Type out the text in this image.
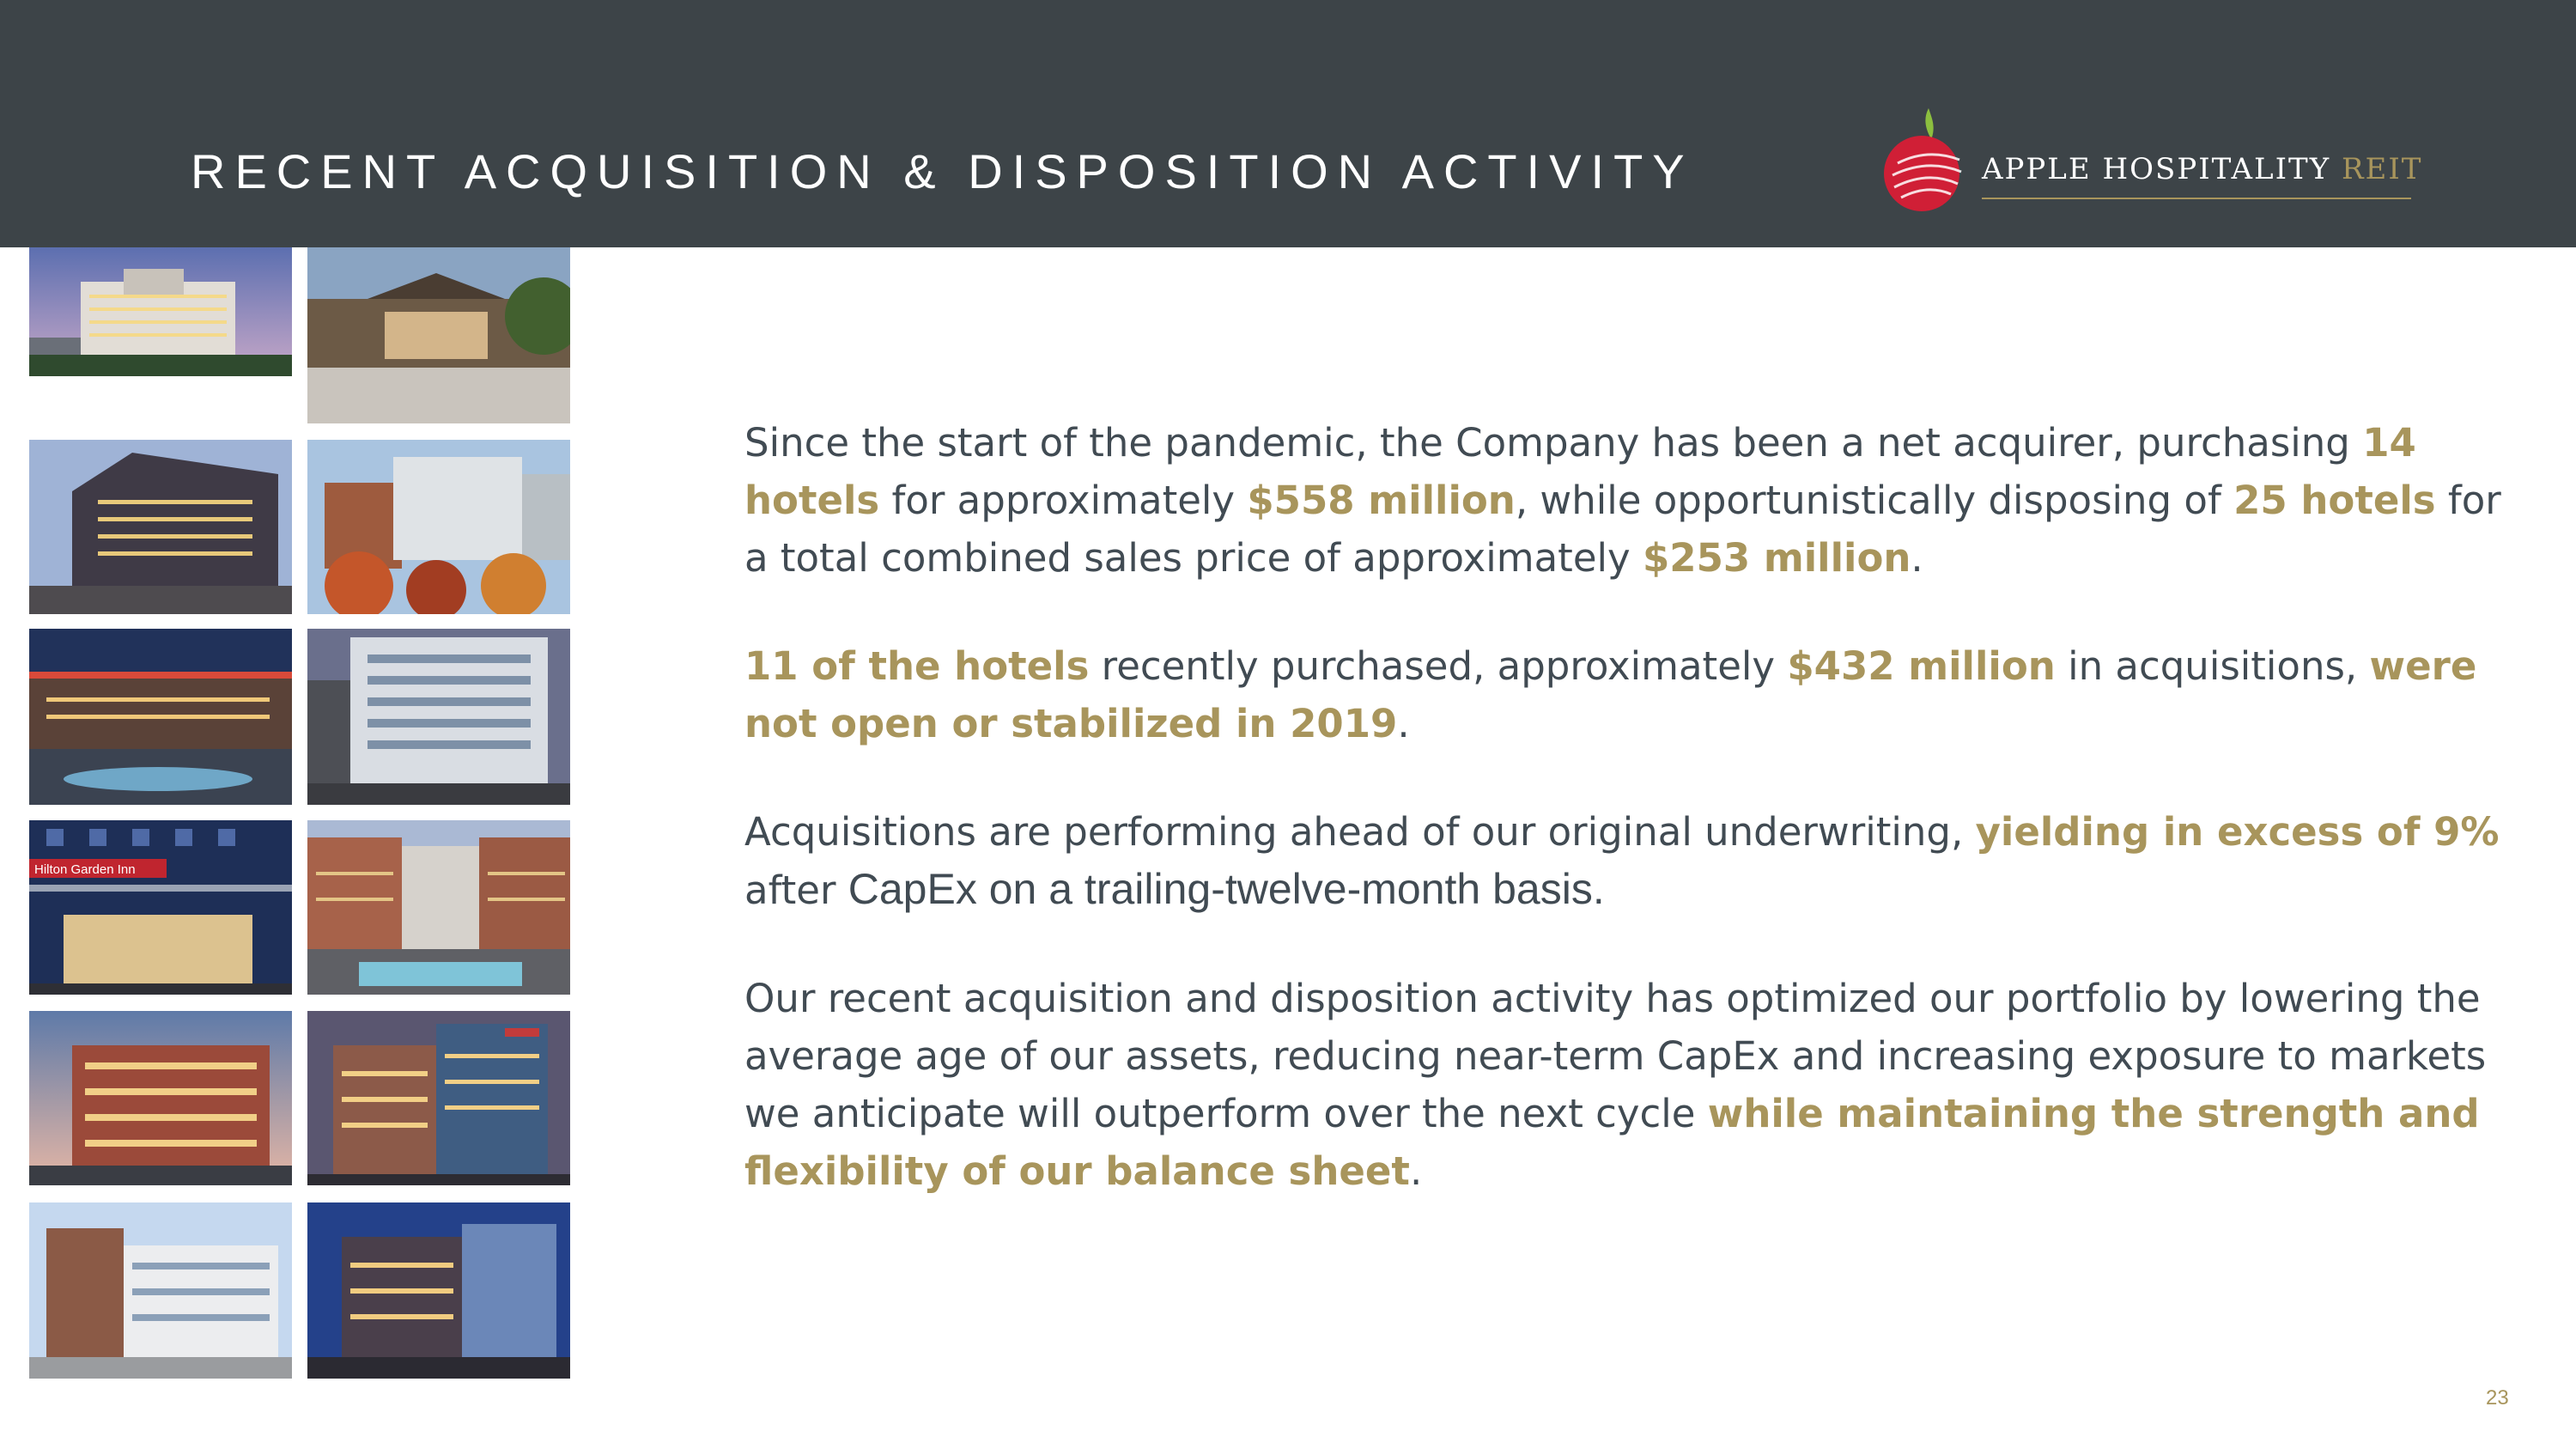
RECENT ACQUISITION & DISPOSITION ACTIVITY	APPLE HOSPITALITY REIT
Hilton Garden Inn

Since the start of the pandemic, the Company has been a net acquirer, purchasing 14 hotels for approximately $558 million, while opportunistically disposing of 25 hotels for a total combined sales price of approximately $253 million.

11 of the hotels recently purchased, approximately $432 million in acquisitions, were not open or stabilized in 2019.

Acquisitions are performing ahead of our original underwriting, yielding in excess of 9% after CapEx on a trailing-twelve-month basis.

Our recent acquisition and disposition activity has optimized our portfolio by lowering the average age of our assets, reducing near-term CapEx and increasing exposure to markets we anticipate will outperform over the next cycle while maintaining the strength and flexibility of our balance sheet.

23
